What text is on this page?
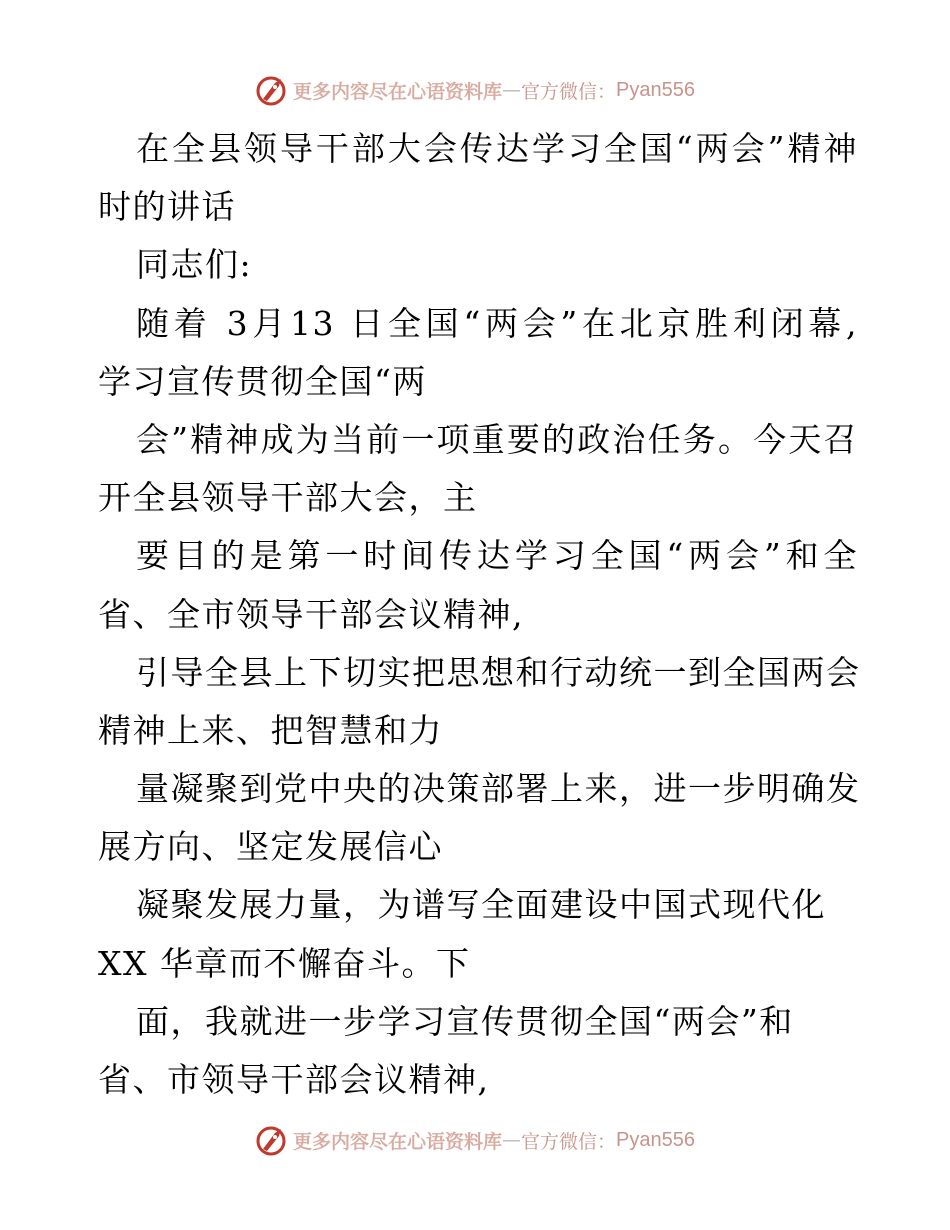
更多内容尽在心语资料库 — 官方微信： Pyan556
在全县领导干部大会传达学习全国“两会”精神
时的讲话
同志们:
随着 3月13 日全国“两会”在北京胜利闭幕,
学习宣传贯彻全国“两
会”精神成为当前一项重要的政治任务。今天召
开全县领导干部大会，主
要目的是第一时间传达学习全国“两会”和全
省、全市领导干部会议精神,
引导全县上下切实把思想和行动统一到全国两会
精神上来、把智慧和力
量凝聚到党中央的决策部署上来，进一步明确发
展方向、坚定发展信心
凝聚发展力量，为谱写全面建设中国式现代化
XX 华章而不懈奋斗。下
面，我就进一步学习宣传贯彻全国“两会”和
省、市领导干部会议精神,
更多内容尽在心语资料库 — 官方微信： Pyan556
